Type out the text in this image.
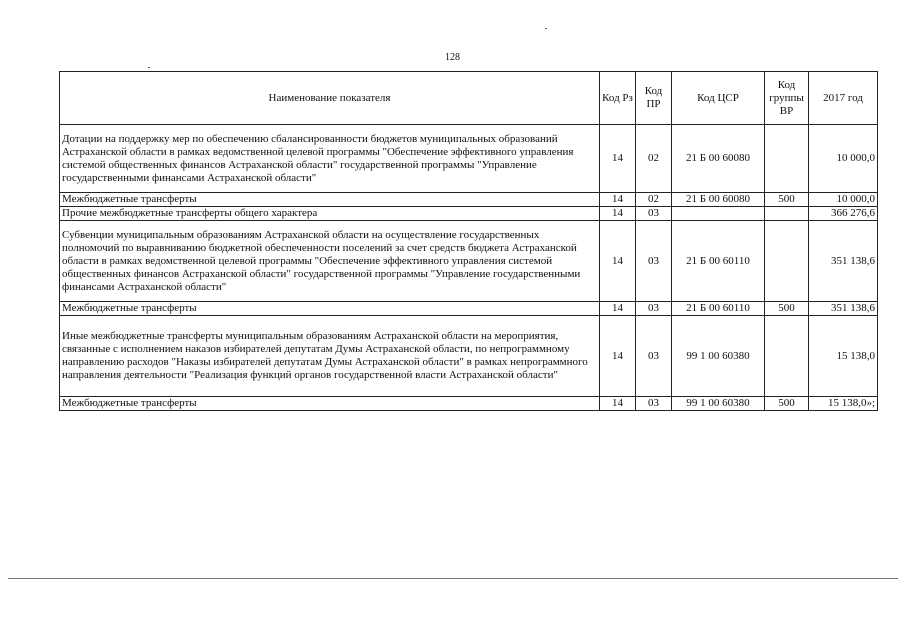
128
Наименование показателя	Код Рз	Код ПР	Код ЦСР	Код группы ВР	2017 год
Дотации на поддержку мер по обеспечению сбалансированности бюджетов муниципальных образований Астраханской области в рамках ведомственной целевой программы "Обеспечение эффективного управления системой общественных финансов Астраханской области" государственной программы "Управление государственными финансами Астраханской области"	14	02	21 Б 00 60080		10 000,0
Межбюджетные трансферты	14	02	21 Б 00 60080	500	10 000,0
Прочие межбюджетные трансферты общего характера	14	03			366 276,6
Субвенции муниципальным образованиям Астраханской области на осуществление государственных полномочий по выравниванию бюджетной обеспеченности поселений за счет средств бюджета Астраханской области в рамках ведомственной целевой программы "Обеспечение эффективного управления системой общественных финансов Астраханской области" государственной программы "Управление государственными финансами Астраханской области"	14	03	21 Б 00 60110		351 138,6
Межбюджетные трансферты	14	03	21 Б 00 60110	500	351 138,6
Иные межбюджетные трансферты муниципальным образованиям Астраханской области на мероприятия, связанные с исполнением наказов избирателей депутатам Думы Астраханской области, по непрограммному направлению расходов "Наказы избирателей депутатам Думы Астраханской области" в рамках непрограммного направления деятельности "Реализация функций органов государственной власти Астраханской области"	14	03	99 1 00 60380		15 138,0
Межбюджетные трансферты	14	03	99 1 00 60380	500	15 138,0»;
